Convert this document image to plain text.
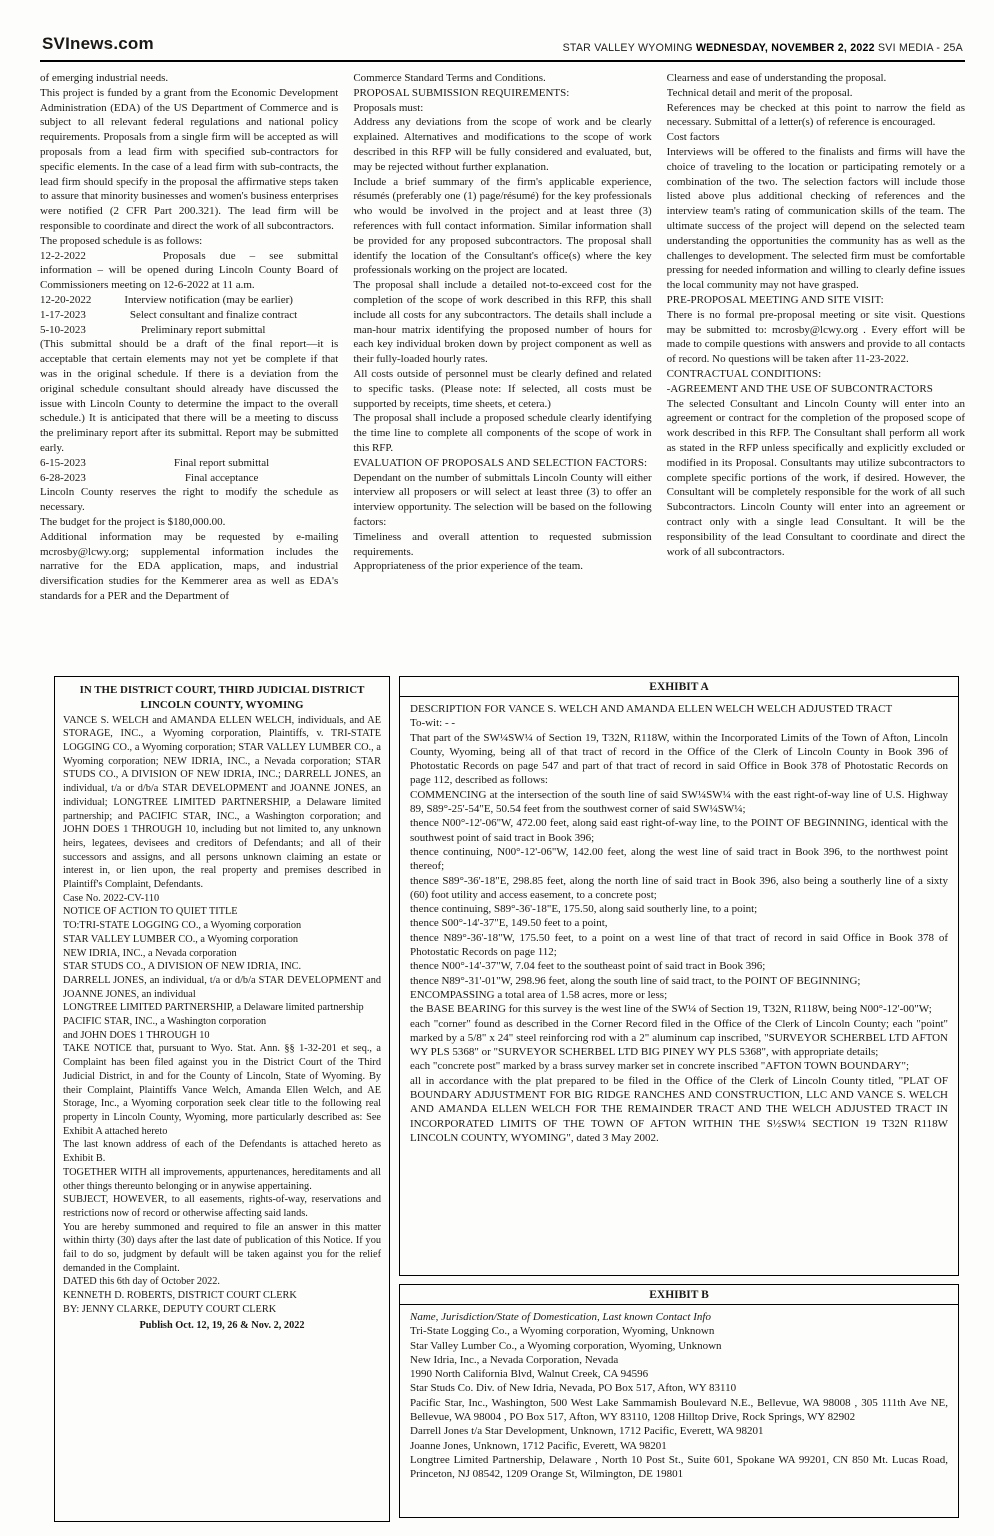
SVInews.com	STAR VALLEY WYOMING WEDNESDAY, NOVEMBER 2, 2022 SVI MEDIA - 25A

of emerging industrial needs.

This project is funded by a grant from the Economic Development Administration (EDA) of the US Department of Commerce and is subject to all relevant federal regulations and national policy requirements. Proposals from a single firm will be accepted as will proposals from a lead firm with specified sub-contractors for specific elements. In the case of a lead firm with sub-contracts, the lead firm should specify in the proposal the affirmative steps taken to assure that minority businesses and women's business enterprises were notified (2 CFR Part 200.321). The lead firm will be responsible to coordinate and direct the work of all subcontractors.

The proposed schedule is as follows:

12-2-2022       Proposals due – see submittal information – will be opened during Lincoln County Board of Commissioners meeting on 12-6-2022 at 11 a.m.

12-20-2022   Interview notification (may be earlier)

1-17-2023    Select consultant and finalize contract

5-10-2023     Preliminary report submittal

(This submittal should be a draft of the final report—it is acceptable that certain elements may not yet be complete if that was in the original schedule. If there is a deviation from the original schedule consultant should already have discussed the issue with Lincoln County to determine the impact to the overall schedule.) It is anticipated that there will be a meeting to discuss the preliminary report after its submittal. Report may be submitted early.

6-15-2023        Final report submittal

6-28-2023         Final acceptance

Lincoln County reserves the right to modify the schedule as necessary.

The budget for the project is $180,000.00.

Additional information may be requested by e-mailing mcrosby@lcwy.org; supplemental information includes the narrative for the EDA application, maps, and industrial diversification studies for the Kemmerer area as well as EDA's standards for a PER and the Department of

Commerce Standard Terms and Conditions.

PROPOSAL SUBMISSION REQUIREMENTS:

Proposals must:

Address any deviations from the scope of work and be clearly explained. Alternatives and modifications to the scope of work described in this RFP will be fully considered and evaluated, but, may be rejected without further explanation.

Include a brief summary of the firm's applicable experience, résumés (preferably one (1) page/résumé) for the key professionals who would be involved in the project and at least three (3) references with full contact information. Similar information shall be provided for any proposed subcontractors. The proposal shall identify the location of the Consultant's office(s) where the key professionals working on the project are located.

The proposal shall include a detailed not-to-exceed cost for the completion of the scope of work described in this RFP, this shall include all costs for any subcontractors. The details shall include a man-hour matrix identifying the proposed number of hours for each key individual broken down by project component as well as their fully-loaded hourly rates.

All costs outside of personnel must be clearly defined and related to specific tasks. (Please note: If selected, all costs must be supported by receipts, time sheets, et cetera.)

The proposal shall include a proposed schedule clearly identifying the time line to complete all components of the scope of work in this RFP.

EVALUATION OF PROPOSALS AND SELECTION FACTORS:

Dependant on the number of submittals Lincoln County will either interview all proposers or will select at least three (3) to offer an interview opportunity. The selection will be based on the following factors:

Timeliness and overall attention to requested submission requirements.

Appropriateness of the prior experience of the team.

Clearness and ease of understanding the proposal.

Technical detail and merit of the proposal.

References may be checked at this point to narrow the field as necessary. Submittal of a letter(s) of reference is encouraged.

Cost factors

Interviews will be offered to the finalists and firms will have the choice of traveling to the location or participating remotely or a combination of the two. The selection factors will include those listed above plus additional checking of references and the interview team's rating of communication skills of the team. The ultimate success of the project will depend on the selected team understanding the opportunities the community has as well as the challenges to development. The selected firm must be comfortable pressing for needed information and willing to clearly define issues the local community may not have grasped.

PRE-PROPOSAL MEETING AND SITE VISIT:

There is no formal pre-proposal meeting or site visit. Questions may be submitted to: mcrosby@lcwy.org . Every effort will be made to compile questions with answers and provide to all contacts of record. No questions will be taken after 11-23-2022.

CONTRACTUAL CONDITIONS:

-AGREEMENT AND THE USE OF SUBCONTRACTORS

The selected Consultant and Lincoln County will enter into an agreement or contract for the completion of the proposed scope of work described in this RFP. The Consultant shall perform all work as stated in the RFP unless specifically and explicitly excluded or modified in its Proposal. Consultants may utilize subcontractors to complete specific portions of the work, if desired. However, the Consultant will be completely responsible for the work of all such Subcontractors. Lincoln County will enter into an agreement or contract only with a single lead Consultant. It will be the responsibility of the lead Consultant to coordinate and direct the work of all subcontractors.

IN THE DISTRICT COURT, THIRD JUDICIAL DISTRICT

LINCOLN COUNTY, WYOMING

VANCE S. WELCH and AMANDA ELLEN WELCH, individuals, and AE STORAGE, INC., a Wyoming corporation, Plaintiffs, v. TRI-STATE LOGGING CO., a Wyoming corporation; STAR VALLEY LUMBER CO., a Wyoming corporation; NEW IDRIA, INC., a Nevada corporation; STAR STUDS CO., A DIVISION OF NEW IDRIA, INC.; DARRELL JONES, an individual, t/a or d/b/a STAR DEVELOPMENT and JOANNE JONES, an individual; LONGTREE LIMITED PARTNERSHIP, a Delaware limited partnership; and PACIFIC STAR, INC., a Washington corporation; and JOHN DOES 1 THROUGH 10, including but not limited to, any unknown heirs, legatees, devisees and creditors of Defendants; and all of their successors and assigns, and all persons unknown claiming an estate or interest in, or lien upon, the real property and premises described in Plaintiff's Complaint, Defendants.

Case No. 2022-CV-110

NOTICE OF ACTION TO QUIET TITLE

TO:TRI-STATE LOGGING CO., a Wyoming corporation

STAR VALLEY LUMBER CO., a Wyoming corporation

NEW IDRIA, INC., a Nevada corporation

STAR STUDS CO., A DIVISION OF NEW IDRIA, INC.

DARRELL JONES, an individual, t/a or d/b/a STAR DEVELOPMENT and JOANNE JONES, an individual

LONGTREE LIMITED PARTNERSHIP, a Delaware limited partnership

PACIFIC STAR, INC., a Washington corporation

and JOHN DOES 1 THROUGH 10

TAKE NOTICE that, pursuant to Wyo. Stat. Ann. §§ 1-32-201 et seq., a Complaint has been filed against you in the District Court of the Third Judicial District, in and for the County of Lincoln, State of Wyoming. By their Complaint, Plaintiffs Vance Welch, Amanda Ellen Welch, and AE Storage, Inc., a Wyoming corporation seek clear title to the following real property in Lincoln County, Wyoming, more particularly described as: See Exhibit A attached hereto

The last known address of each of the Defendants is attached hereto as Exhibit B.

TOGETHER WITH all improvements, appurtenances, hereditaments and all other things thereunto belonging or in anywise appertaining.

SUBJECT, HOWEVER, to all easements, rights-of-way, reservations and restrictions now of record or otherwise affecting said lands.

You are hereby summoned and required to file an answer in this matter within thirty (30) days after the last date of publication of this Notice. If you fail to do so, judgment by default will be taken against you for the relief demanded in the Complaint.

DATED this 6th day of October 2022.

KENNETH D. ROBERTS, DISTRICT COURT CLERK

BY: JENNY CLARKE, DEPUTY COURT CLERK

Publish Oct. 12, 19, 26 & Nov. 2, 2022

EXHIBIT A

DESCRIPTION FOR VANCE S. WELCH AND AMANDA ELLEN WELCH WELCH ADJUSTED TRACT

To-wit: - -

That part of the SW¼SW¼ of Section 19, T32N, R118W, within the Incorporated Limits of the Town of Afton, Lincoln County, Wyoming, being all of that tract of record in the Office of the Clerk of Lincoln County in Book 396 of Photostatic Records on page 547 and part of that tract of record in said Office in Book 378 of Photostatic Records on page 112, described as follows:

COMMENCING at the intersection of the south line of said SW¼SW¼ with the east right-of-way line of U.S. Highway 89, S89°-25'-54"E, 50.54 feet from the southwest corner of said SW¼SW¼;

thence N00°-12'-06"W, 472.00 feet, along said east right-of-way line, to the POINT OF BEGINNING, identical with the southwest point of said tract in Book 396;

thence continuing, N00°-12'-06"W, 142.00 feet, along the west line of said tract in Book 396, to the northwest point thereof;

thence S89°-36'-18"E, 298.85 feet, along the north line of said tract in Book 396, also being a southerly line of a sixty (60) foot utility and access easement, to a concrete post;

thence continuing, S89°-36'-18"E, 175.50, along said southerly line, to a point;

thence S00°-14'-37"E, 149.50 feet to a point,

thence N89°-36'-18"W, 175.50 feet, to a point on a west line of that tract of record in said Office in Book 378 of Photostatic Records on page 112;

thence N00°-14'-37"W, 7.04 feet to the southeast point of said tract in Book 396;

thence N89°-31'-01"W, 298.96 feet, along the south line of said tract, to the POINT OF BEGINNING;

ENCOMPASSING a total area of 1.58 acres, more or less;

the BASE BEARING for this survey is the west line of the SW¼ of Section 19, T32N, R118W, being N00°-12'-00"W;

each "corner" found as described in the Corner Record filed in the Office of the Clerk of Lincoln County; each "point" marked by a 5/8" x 24" steel reinforcing rod with a 2" aluminum cap inscribed, "SURVEYOR SCHERBEL LTD AFTON WY PLS 5368" or "SURVEYOR SCHERBEL LTD BIG PINEY WY PLS 5368", with appropriate details;

each "concrete post" marked by a brass survey marker set in concrete inscribed "AFTON TOWN BOUNDARY";

all in accordance with the plat prepared to be filed in the Office of the Clerk of Lincoln County titled, "PLAT OF BOUNDARY ADJUSTMENT FOR BIG RIDGE RANCHES AND CONSTRUCTION, LLC AND VANCE S. WELCH AND AMANDA ELLEN WELCH FOR THE REMAINDER TRACT AND THE WELCH ADJUSTED TRACT IN INCORPORATED LIMITS OF THE TOWN OF AFTON WITHIN THE S½SW¼ SECTION 19 T32N R118W LINCOLN COUNTY, WYOMING", dated 3 May 2002.

EXHIBIT B

Name, Jurisdiction/State of Domestication, Last known Contact Info

Tri-State Logging Co., a Wyoming corporation, Wyoming, Unknown

Star Valley Lumber Co., a Wyoming corporation, Wyoming, Unknown

New Idria, Inc., a Nevada Corporation, Nevada

1990 North California Blvd, Walnut Creek, CA 94596

Star Studs Co. Div. of New Idria, Nevada, PO Box 517, Afton, WY 83110

Pacific Star, Inc., Washington, 500 West Lake Sammamish Boulevard N.E., Bellevue, WA 98008 , 305 111th Ave NE, Bellevue, WA 98004 , PO Box 517, Afton, WY 83110, 1208 Hilltop Drive, Rock Springs, WY 82902

Darrell Jones t/a Star Development, Unknown, 1712 Pacific, Everett, WA 98201

Joanne Jones, Unknown, 1712 Pacific, Everett, WA 98201

Longtree Limited Partnership, Delaware , North 10 Post St., Suite 601, Spokane WA 99201, CN 850 Mt. Lucas Road, Princeton, NJ 08542, 1209 Orange St, Wilmington, DE 19801
